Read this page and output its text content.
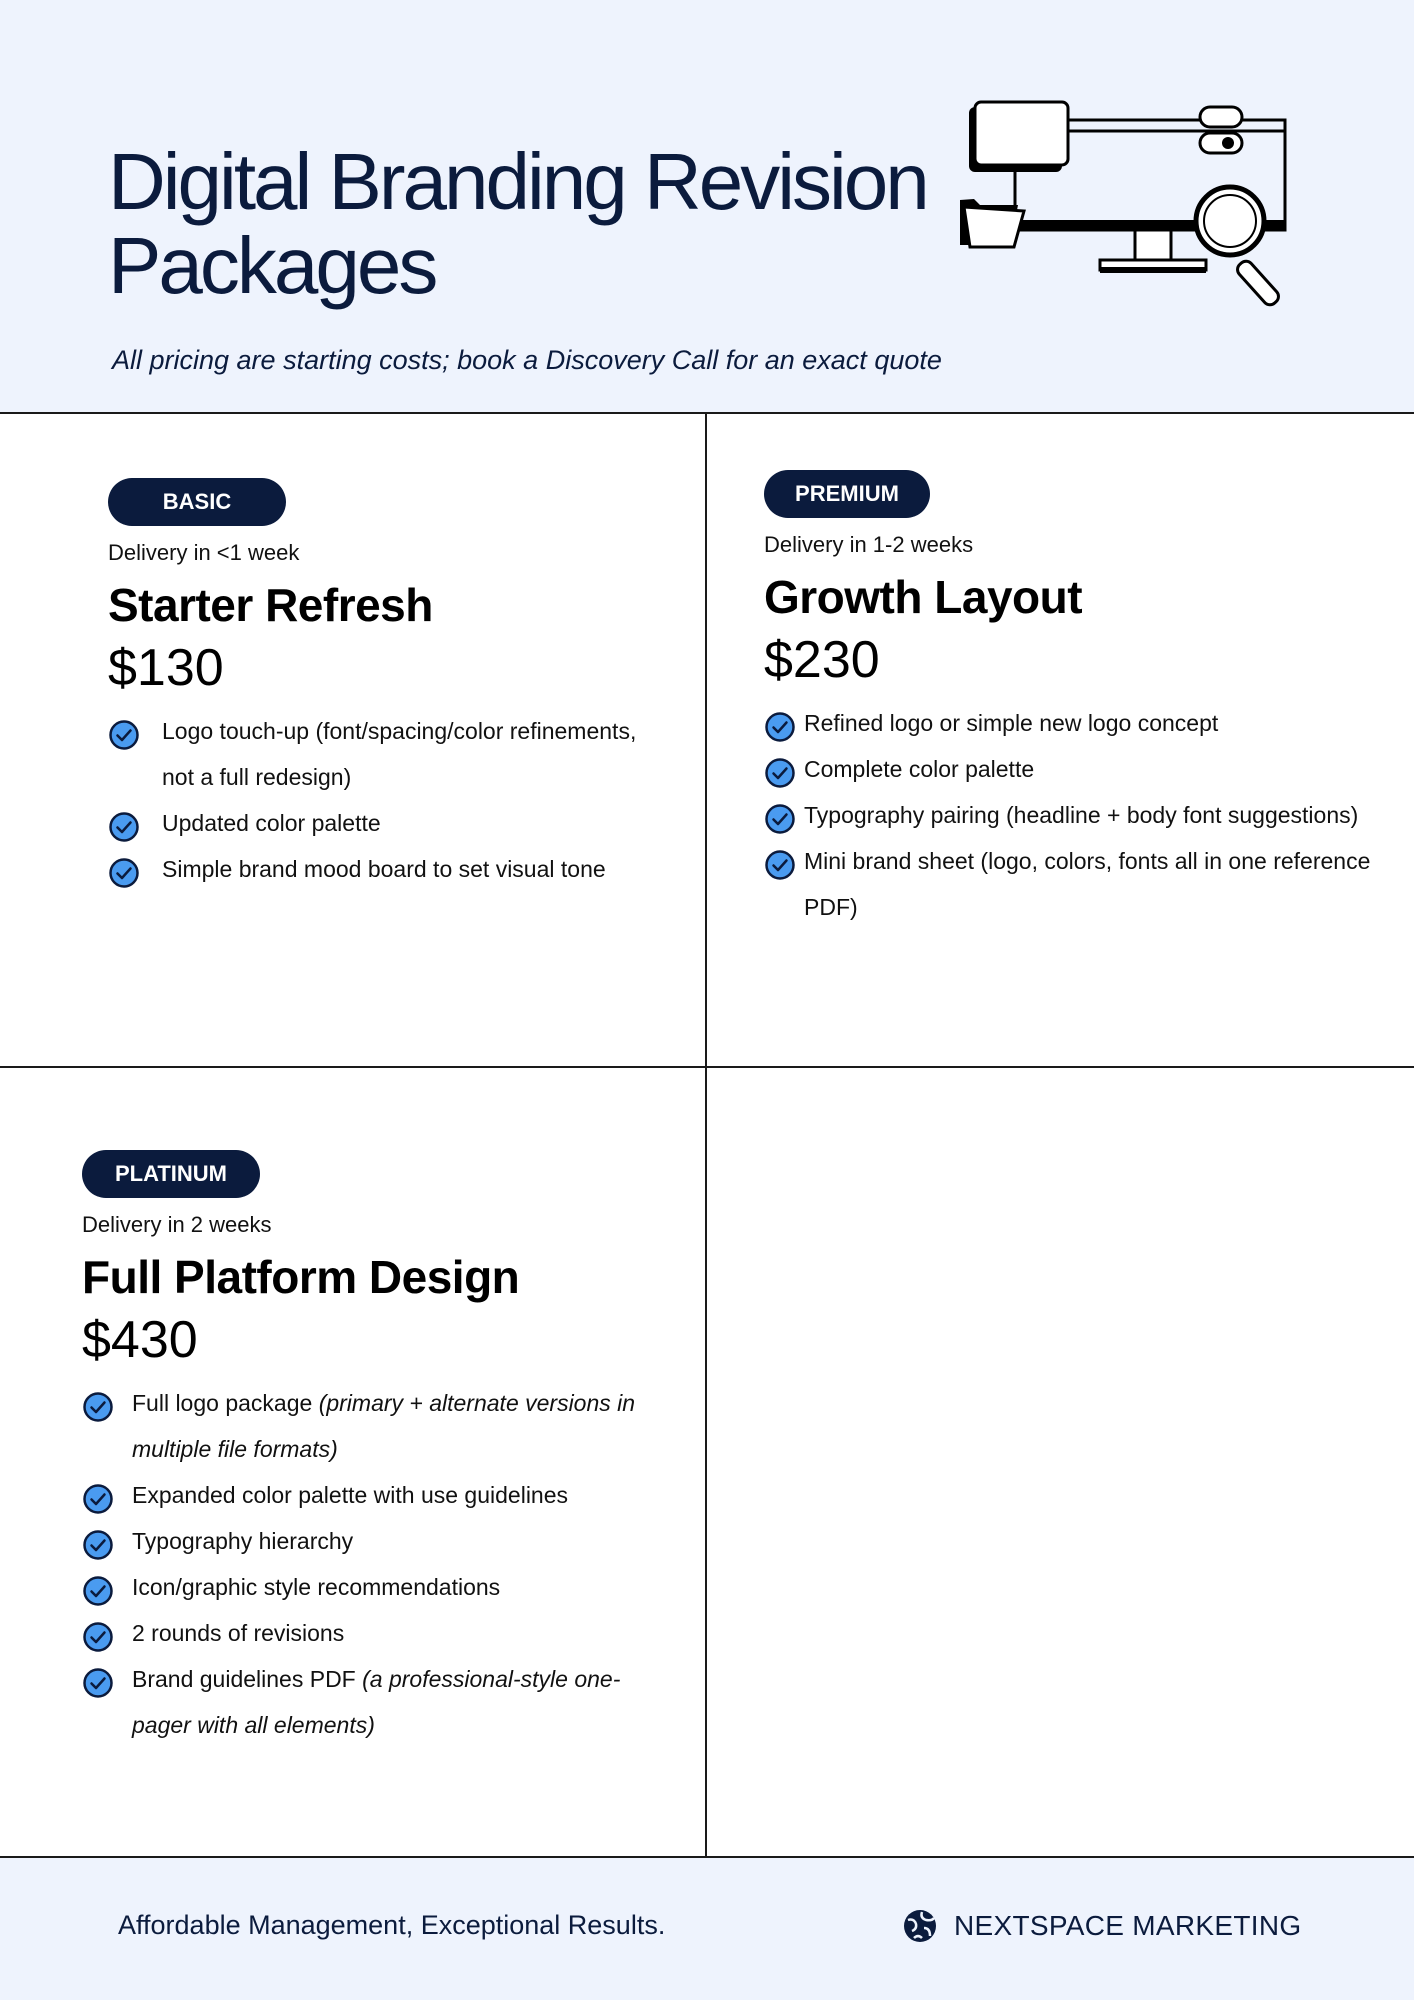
Digital Branding Revision Packages

All pricing are starting costs; book a Discovery Call for an exact quote

BASIC
Delivery in <1 week
Starter Refresh
$130
Logo touch-up (font/spacing/color refinements, not a full redesign)
Updated color palette
Simple brand mood board to set visual tone
PREMIUM
Delivery in 1-2 weeks
Growth Layout
$230
Refined logo or simple new logo concept
Complete color palette
Typography pairing (headline + body font suggestions)
Mini brand sheet (logo, colors, fonts all in one reference PDF)
PLATINUM
Delivery in 2 weeks
Full Platform Design
$430
Full logo package (primary + alternate versions in multiple file formats)
Expanded color palette with use guidelines
Typography hierarchy
Icon/graphic style recommendations
2 rounds of revisions
Brand guidelines PDF (a professional-style one-pager with all elements)
Affordable Management, Exceptional Results.	NEXTSPACE MARKETING
